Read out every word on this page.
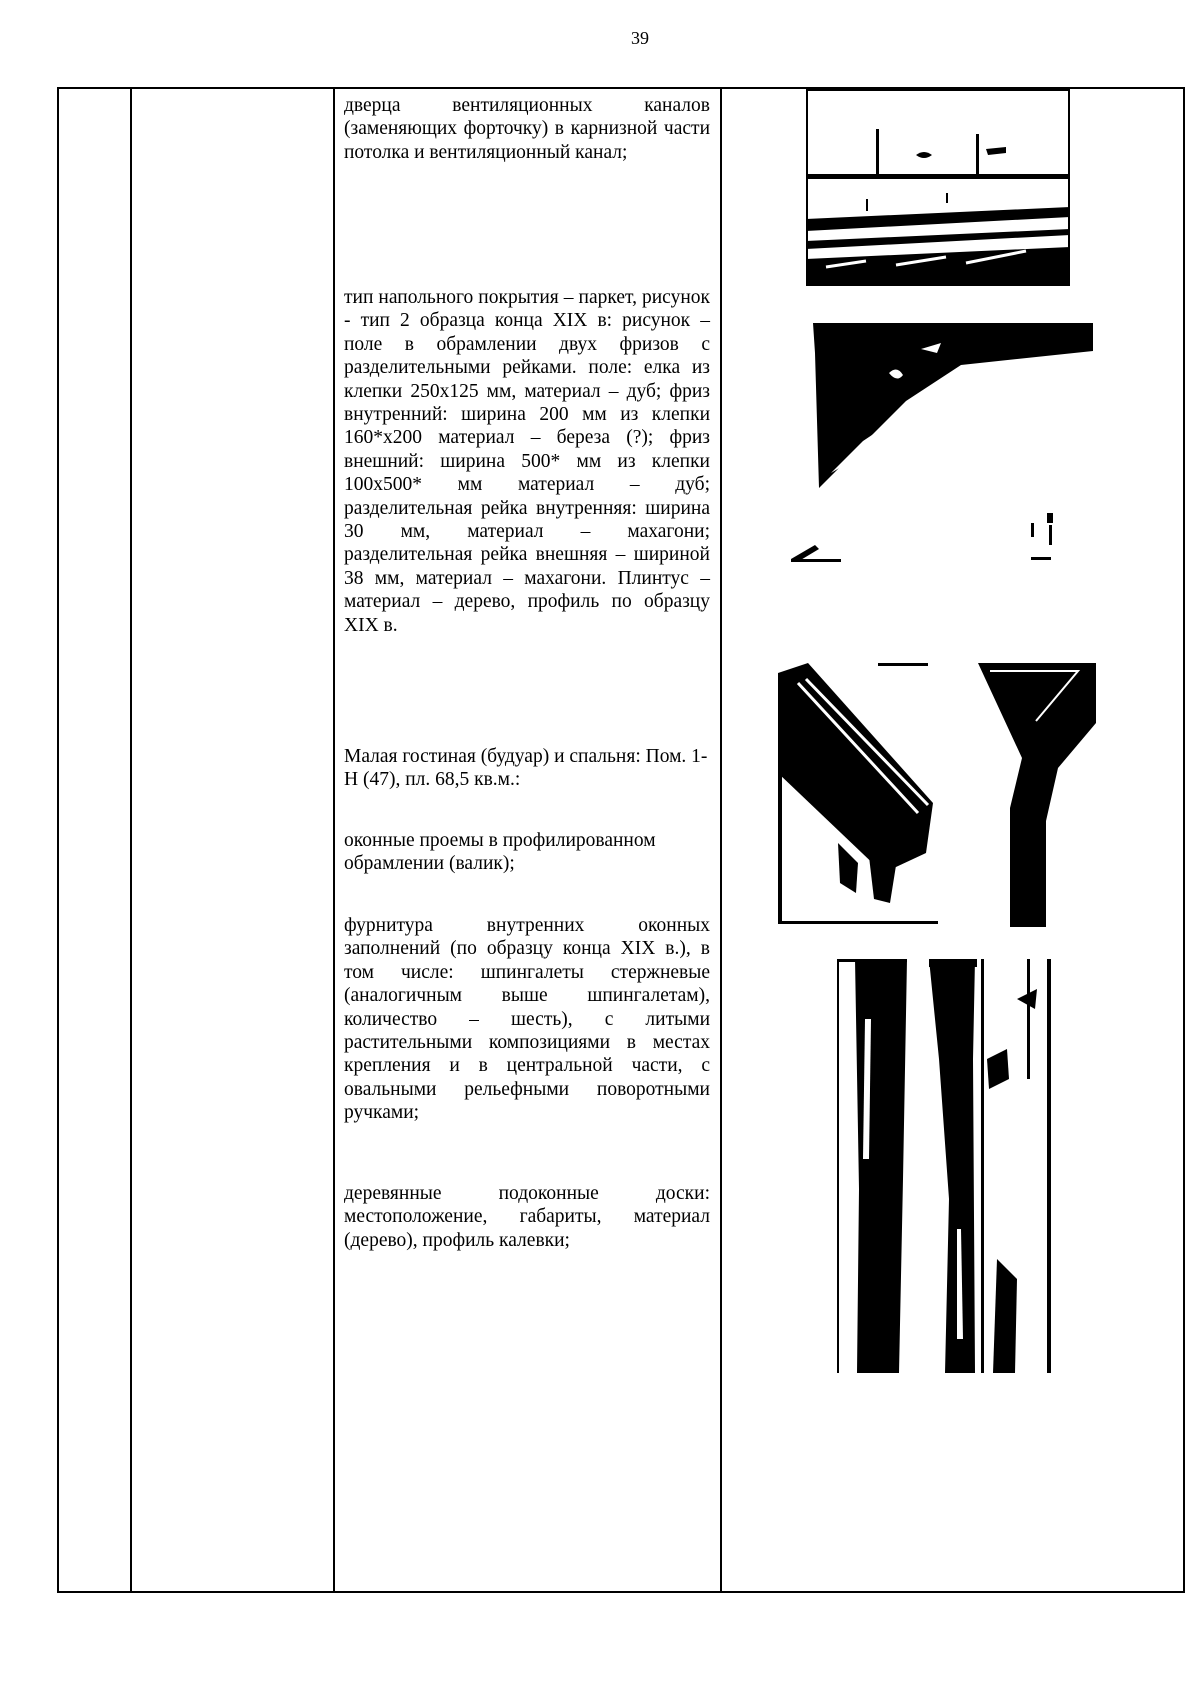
39

дверца вентиляционных каналов (заменяющих форточку) в карнизной части потолка и вентиляционный канал;

тип напольного покрытия – паркет, рисунок - тип 2 образца конца XIX в: рисунок – поле в обрамлении двух фризов с разделительными рейками. поле: елка из клепки 250х125 мм, материал – дуб; фриз внутренний: ширина 200 мм из клепки 160*х200 материал – береза (?); фриз внешний: ширина 500* мм из клепки 100х500* мм материал – дуб; разделительная рейка внутренняя: ширина 30 мм, материал – махагони; разделительная рейка внешняя – шириной 38 мм, материал – махагони. Плинтус – материал – дерево, профиль по образцу XIX в.

Малая гостиная (будуар) и спальня: Пом. 1-Н (47), пл. 68,5 кв.м.:

оконные проемы в профилированном обрамлении (валик);

фурнитура внутренних оконных заполнений (по образцу конца XIX в.), в том числе: шпингалеты стержневые (аналогичным выше шпингалетам), количество – шесть), с литыми растительными композициями в местах крепления и в центральной части, с овальными рельефными поворотными ручками;

деревянные подоконные доски: местоположение, габариты, материал (дерево), профиль калевки;
